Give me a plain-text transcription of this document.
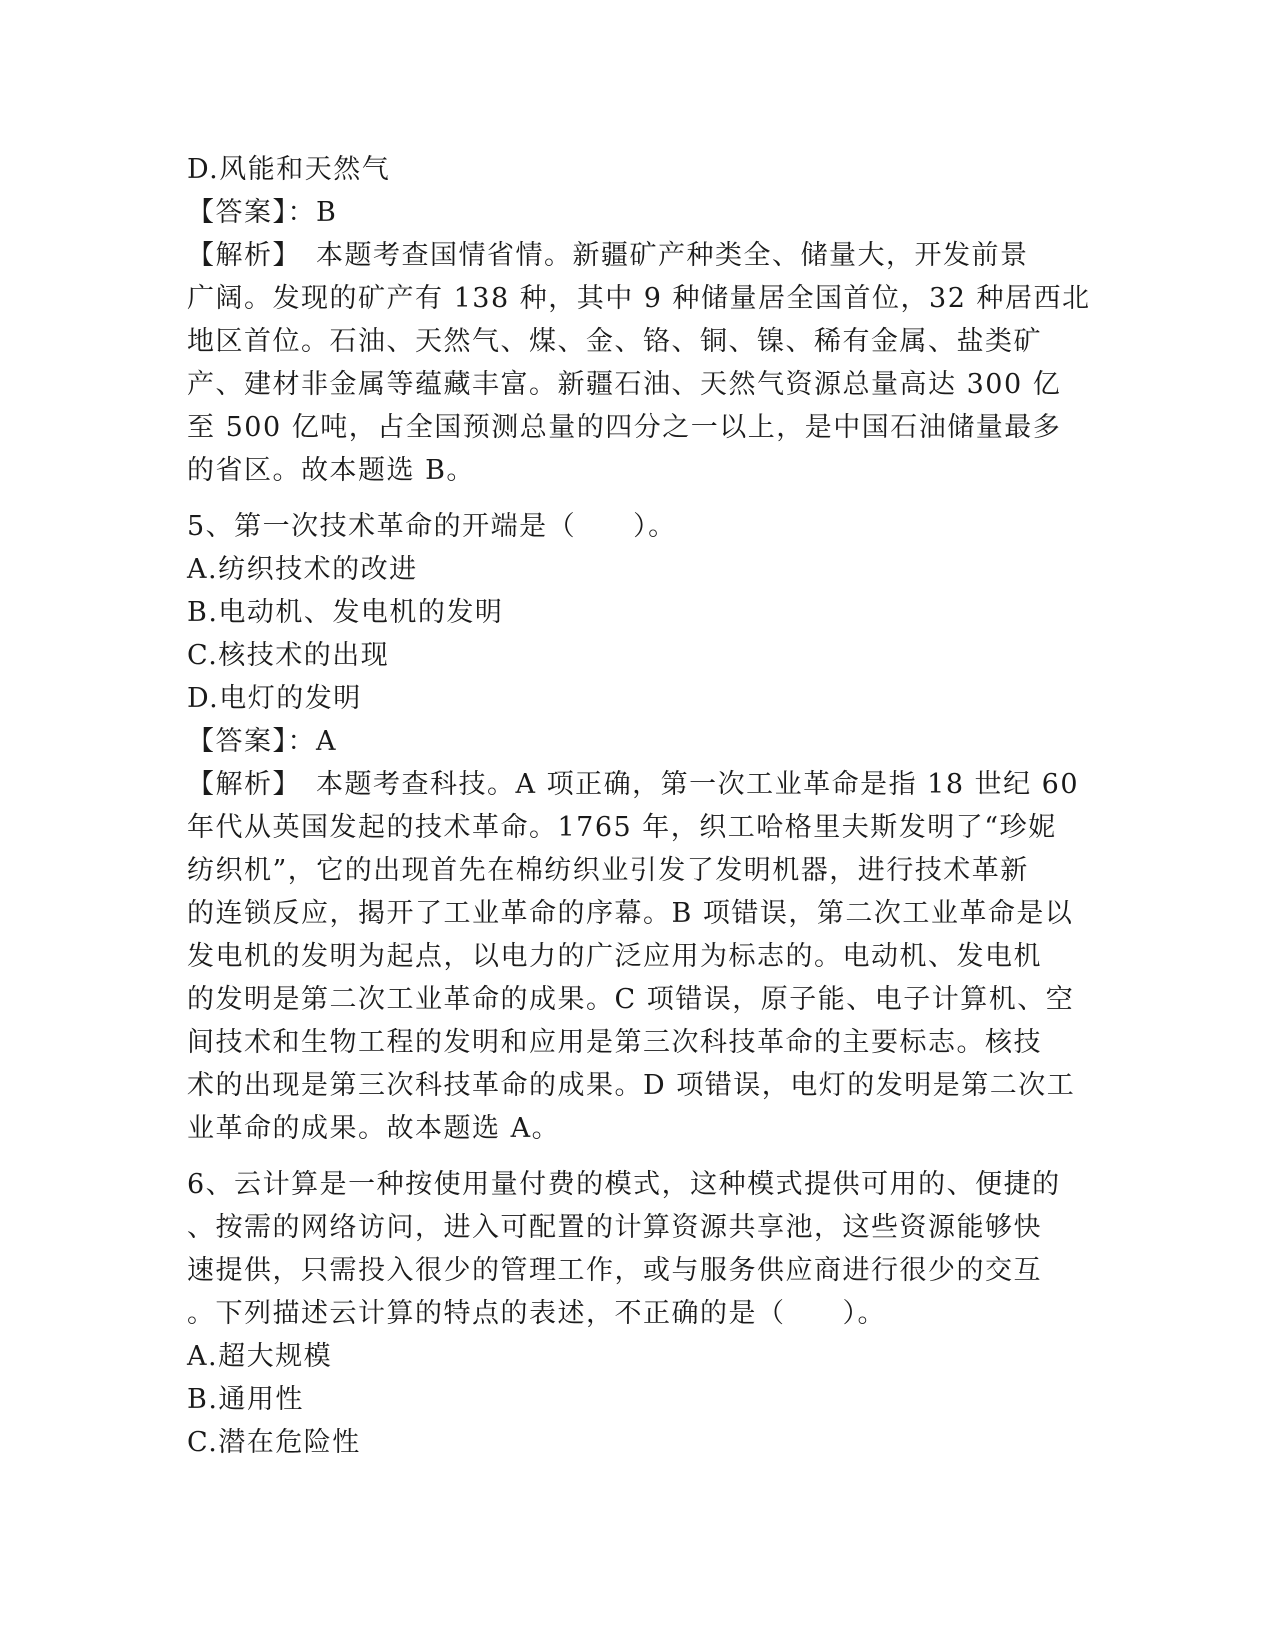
D.风能和天然气

【答案】：B

【解析】　本题考查国情省情。新疆矿产种类全、储量大，开发前景

广阔。发现的矿产有 138 种，其中 9 种储量居全国首位，32 种居西北

地区首位。石油、天然气、煤、金、铬、铜、镍、稀有金属、盐类矿

产、建材非金属等蕴藏丰富。新疆石油、天然气资源总量高达 300 亿

至 500 亿吨，占全国预测总量的四分之一以上，是中国石油储量最多

的省区。故本题选 B。

5、第一次技术革命的开端是（　　）。

A.纺织技术的改进

B.电动机、发电机的发明

C.核技术的出现

D.电灯的发明

【答案】：A

【解析】　本题考查科技。A 项正确，第一次工业革命是指 18 世纪 60

年代从英国发起的技术革命。1765 年，织工哈格里夫斯发明了“珍妮

纺织机”，它的出现首先在棉纺织业引发了发明机器，进行技术革新

的连锁反应，揭开了工业革命的序幕。B 项错误，第二次工业革命是以

发电机的发明为起点，以电力的广泛应用为标志的。电动机、发电机

的发明是第二次工业革命的成果。C 项错误，原子能、电子计算机、空

间技术和生物工程的发明和应用是第三次科技革命的主要标志。核技

术的出现是第三次科技革命的成果。D 项错误，电灯的发明是第二次工

业革命的成果。故本题选 A。

6、云计算是一种按使用量付费的模式，这种模式提供可用的、便捷的

、按需的网络访问，进入可配置的计算资源共享池，这些资源能够快

速提供，只需投入很少的管理工作，或与服务供应商进行很少的交互

。下列描述云计算的特点的表述，不正确的是（　　）。

A.超大规模

B.通用性

C.潜在危险性
